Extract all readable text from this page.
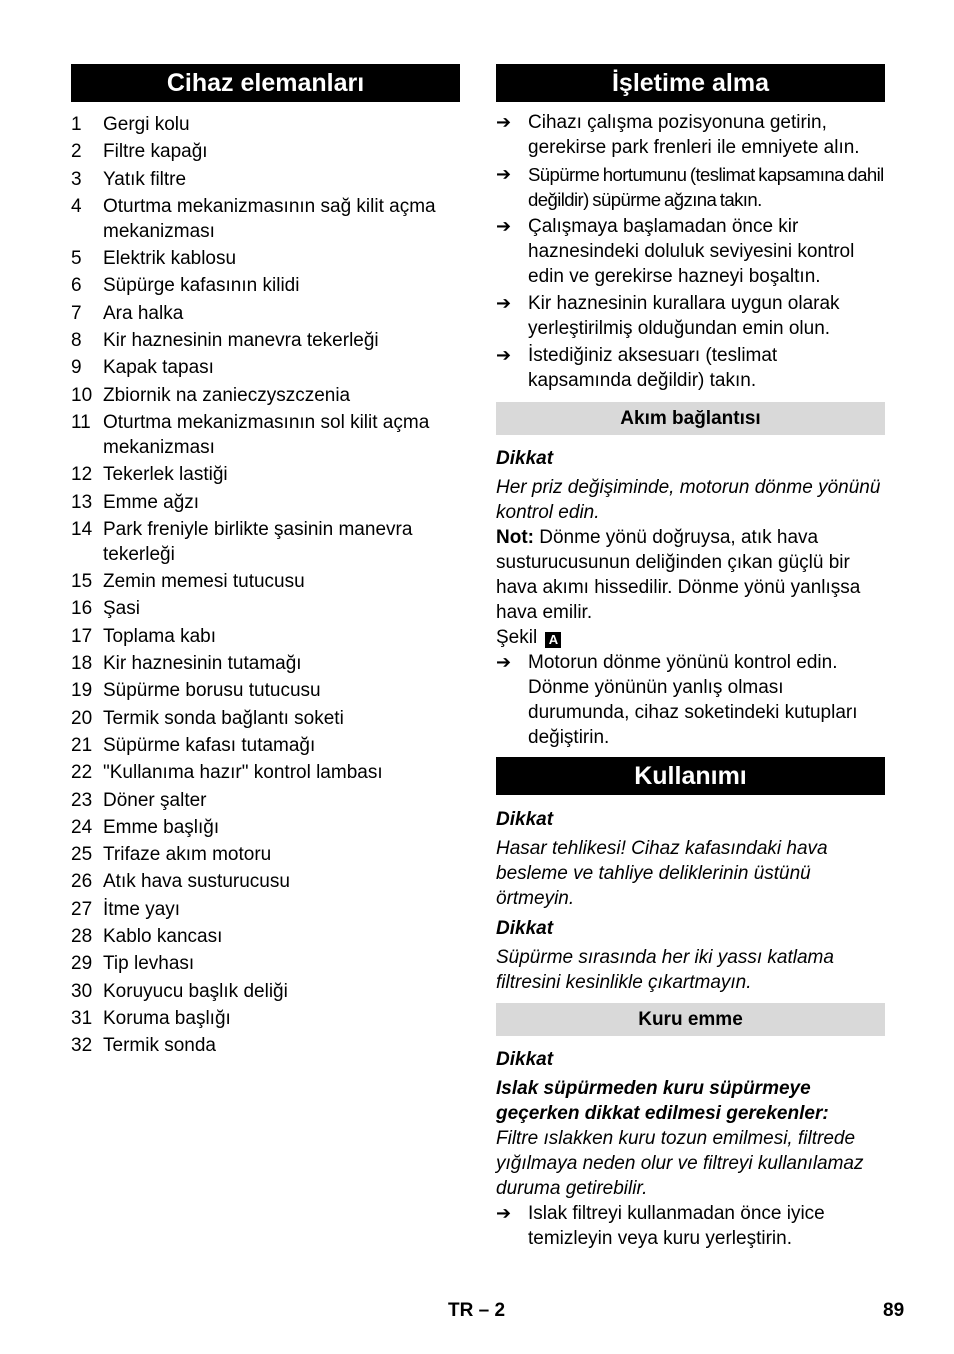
Cihaz elemanları
1	Gergi kolu
2	Filtre kapağı
3	Yatık filtre
4	Oturtma mekanizmasının sağ kilit açma mekanizması
5	Elektrik kablosu
6	Süpürge kafasının kilidi
7	Ara halka
8	Kir haznesinin manevra tekerleği
9	Kapak tapası
10 Zbiornik na zanieczyszczenia
11 Oturtma mekanizmasının sol kilit açma mekanizması
12 Tekerlek lastiği
13 Emme ağzı
14 Park freniyle birlikte şasinin manevra tekerleği
15 Zemin memesi tutucusu
16 Şasi
17 Toplama kabı
18 Kir haznesinin tutamağı
19 Süpürme borusu tutucusu
20 Termik sonda bağlantı soketi
21 Süpürme kafası tutamağı
22 "Kullanıma hazır" kontrol lambası
23 Döner şalter
24 Emme başlığı
25 Trifaze akım motoru
26 Atık hava susturucusu
27 İtme yayı
28 Kablo kancası
29 Tip levhası
30 Koruyucu başlık deliği
31 Koruma başlığı
32 Termik sonda
İşletime alma
➔ Cihazı çalışma pozisyonuna getirin, gerekirse park frenleri ile emniyete alın.
➔ Süpürme hortumunu (teslimat kapsamına dahil değildir) süpürme ağzına takın.
➔ Çalışmaya başlamadan önce kir haznesindeki doluluk seviyesini kontrol edin ve gerekirse hazneyi boşaltın.
➔ Kir haznesinin kurallara uygun olarak yerleştirilmiş olduğundan emin olun.
➔ İstediğiniz aksesuarı (teslimat kapsamında değildir) takın.
Akım bağlantısı

Dikkat

Her priz değişiminde, motorun dönme yönünü kontrol edin.

Not: Dönme yönü doğruysa, atık hava susturucusunun deliğinden çıkan güçlü bir hava akımı hissedilir. Dönme yönü yanlışsa hava emilir.

Şekil A

➔ Motorun dönme yönünü kontrol edin. Dönme yönünün yanlış olması durumunda, cihaz soketindeki kutupları değiştirin.
Kullanımı

Dikkat

Hasar tehlikesi! Cihaz kafasındaki hava besleme ve tahliye deliklerinin üstünü örtmeyin.

Dikkat

Süpürme sırasında her iki yassı katlama filtresini kesinlikle çıkartmayın.

Kuru emme

Dikkat

Islak süpürmeden kuru süpürmeye geçerken dikkat edilmesi gerekenler:

Filtre ıslakken kuru tozun emilmesi, filtrede yığılmaya neden olur ve filtreyi kullanılamaz duruma getirebilir.

➔ Islak filtreyi kullanmadan önce iyice temizleyin veya kuru yerleştirin.
TR – 2	89
